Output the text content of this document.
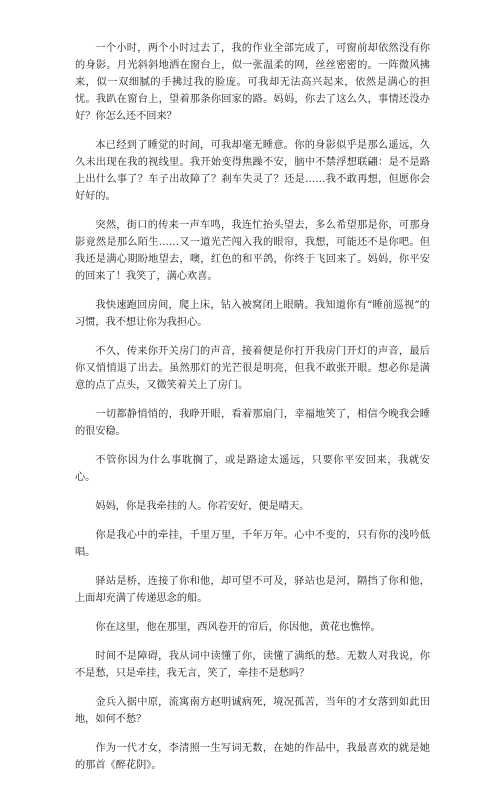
一个小时，两个小时过去了，我的作业全部完成了，可窗前却依然没有你的身影。月光斜斜地洒在窗台上，似一张温柔的网，丝丝密密的。一阵微风拂来，似一双细腻的手拂过我的脸庞。可我却无法高兴起来，依然是满心的担忧。我趴在窗台上，望着那条你回家的路。妈妈，你去了这么久，事情还没办好？你怎么还不回来？

本已经到了睡觉的时间，可我却毫无睡意。你的身影似乎是那么遥远，久久未出现在我的视线里。我开始变得焦躁不安，脑中不禁浮想联翩：是不是路上出什么事了？车子出故障了？刹车失灵了？还是……我不敢再想，但愿你会好好的。

突然，街口的传来一声车鸣，我连忙抬头望去，多么希望那是你，可那身影竟然是那么陌生……又一道光芒闯入我的眼帘，我想，可能还不是你吧。但我还是满心期盼地望去，噢，红色的和平鸽，你终于飞回来了。妈妈，你平安的回来了！我笑了，满心欢喜。

我快速跑回房间，爬上床，钻入被窝闭上眼睛。我知道你有“睡前巡视”的习惯，我不想让你为我担心。

不久，传来你开关房门的声音，接着便是你打开我房门开灯的声音，最后你又悄悄退了出去。虽然那灯的光芒很是明亮，但我不敢张开眼。想必你是满意的点了点头，又微笑着关上了房门。

一切都静悄悄的，我睁开眼，看着那扇门，幸福地笑了，相信今晚我会睡的很安稳。

不管你因为什么事耽搁了，或是路途太遥远，只要你平安回来，我就安心。

妈妈，你是我牵挂的人。你若安好，便是晴天。

你是我心中的牵挂，千里万里，千年万年。心中不变的，只有你的浅吟低唱。

驿站是桥，连接了你和他，却可望不可及，驿站也是河，隔挡了你和他，上面却充满了传递思念的船。

你在这里，他在那里，西风卷开的帘后，你因他，黄花也憔悴。

时间不是障碍，我从词中读懂了你，读懂了满纸的愁。无数人对我说，你不是愁，只是牵挂，我无言，笑了，牵挂不是愁吗？

金兵入据中原，流寓南方赵明诚病死，境况孤苦，当年的才女落到如此田地，如何不愁？

作为一代才女，李清照一生写词无数，在她的作品中，我最喜欢的就是她的那首《醉花阴》。
